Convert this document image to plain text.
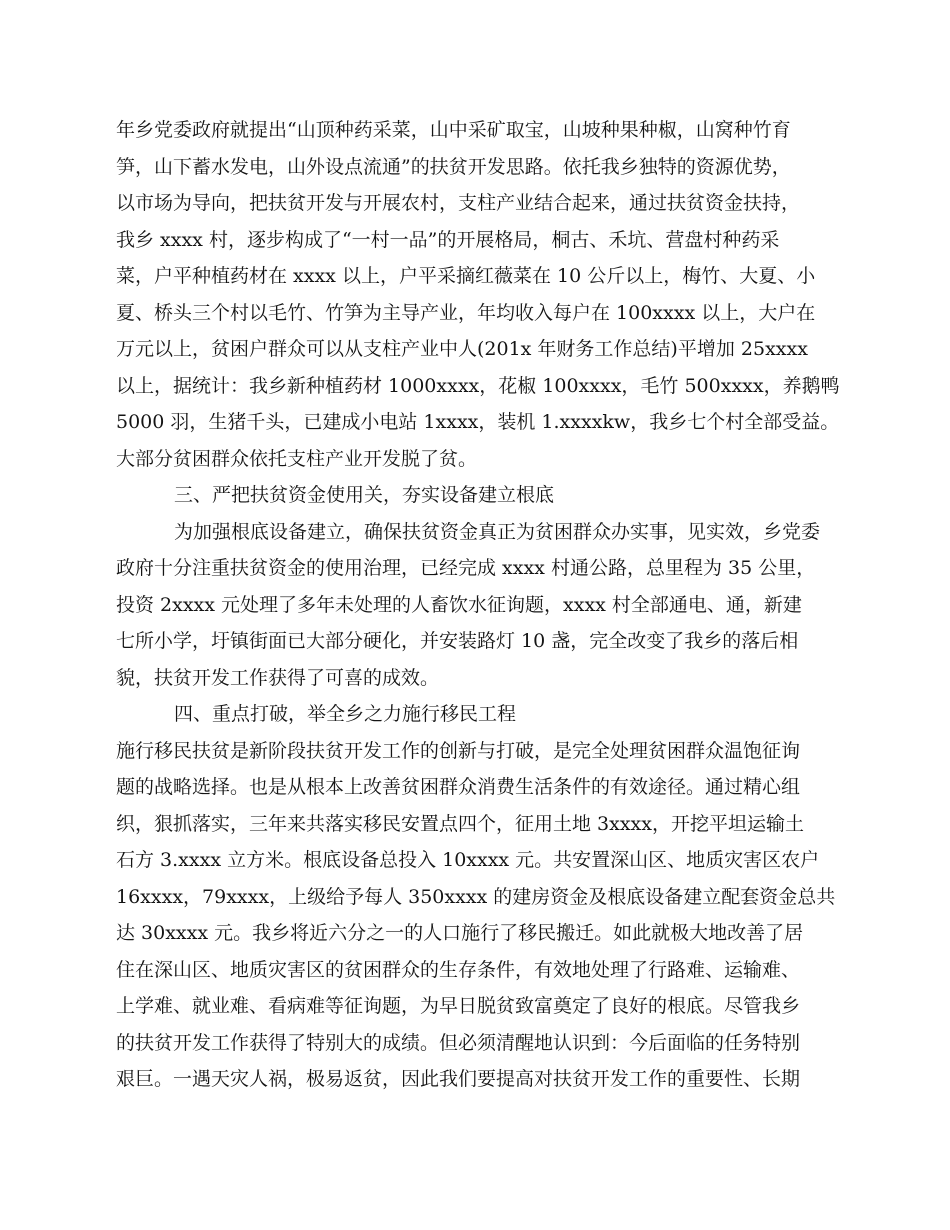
年乡党委政府就提出“山顶种药采菜，山中采矿取宝，山坡种果种椒，山窝种竹育
笋，山下蓄水发电，山外设点流通”的扶贫开发思路。依托我乡独特的资源优势，
以市场为导向，把扶贫开发与开展农村，支柱产业结合起来，通过扶贫资金扶持，
我乡 xxxx 村，逐步构成了“一村一品”的开展格局，桐古、禾坑、营盘村种药采
菜，户平种植药材在 xxxx 以上，户平采摘红薇菜在 10 公斤以上，梅竹、大夏、小
夏、桥头三个村以毛竹、竹笋为主导产业，年均收入每户在 100xxxx 以上，大户在
万元以上，贫困户群众可以从支柱产业中人(201x 年财务工作总结)平增加 25xxxx
以上，据统计：我乡新种植药材 1000xxxx，花椒 100xxxx，毛竹 500xxxx，养鹅鸭
5000 羽，生猪千头，已建成小电站 1xxxx，装机 1.xxxxkw，我乡七个村全部受益。
大部分贫困群众依托支柱产业开发脱了贫。
三、严把扶贫资金使用关，夯实设备建立根底
为加强根底设备建立，确保扶贫资金真正为贫困群众办实事，见实效，乡党委
政府十分注重扶贫资金的使用治理，已经完成 xxxx 村通公路，总里程为 35 公里，
投资 2xxxx 元处理了多年未处理的人畜饮水征询题，xxxx 村全部通电、通，新建
七所小学，圩镇街面已大部分硬化，并安装路灯 10 盏，完全改变了我乡的落后相
貌，扶贫开发工作获得了可喜的成效。
四、重点打破，举全乡之力施行移民工程
施行移民扶贫是新阶段扶贫开发工作的创新与打破，是完全处理贫困群众温饱征询
题的战略选择。也是从根本上改善贫困群众消费生活条件的有效途径。通过精心组
织，狠抓落实，三年来共落实移民安置点四个，征用土地 3xxxx，开挖平坦运输土
石方 3.xxxx 立方米。根底设备总投入 10xxxx 元。共安置深山区、地质灾害区农户
16xxxx，79xxxx，上级给予每人 350xxxx 的建房资金及根底设备建立配套资金总共
达 30xxxx 元。我乡将近六分之一的人口施行了移民搬迁。如此就极大地改善了居
住在深山区、地质灾害区的贫困群众的生存条件，有效地处理了行路难、运输难、
上学难、就业难、看病难等征询题，为早日脱贫致富奠定了良好的根底。尽管我乡
的扶贫开发工作获得了特别大的成绩。但必须清醒地认识到：今后面临的任务特别
艰巨。一遇天灾人祸，极易返贫，因此我们要提高对扶贫开发工作的重要性、长期
